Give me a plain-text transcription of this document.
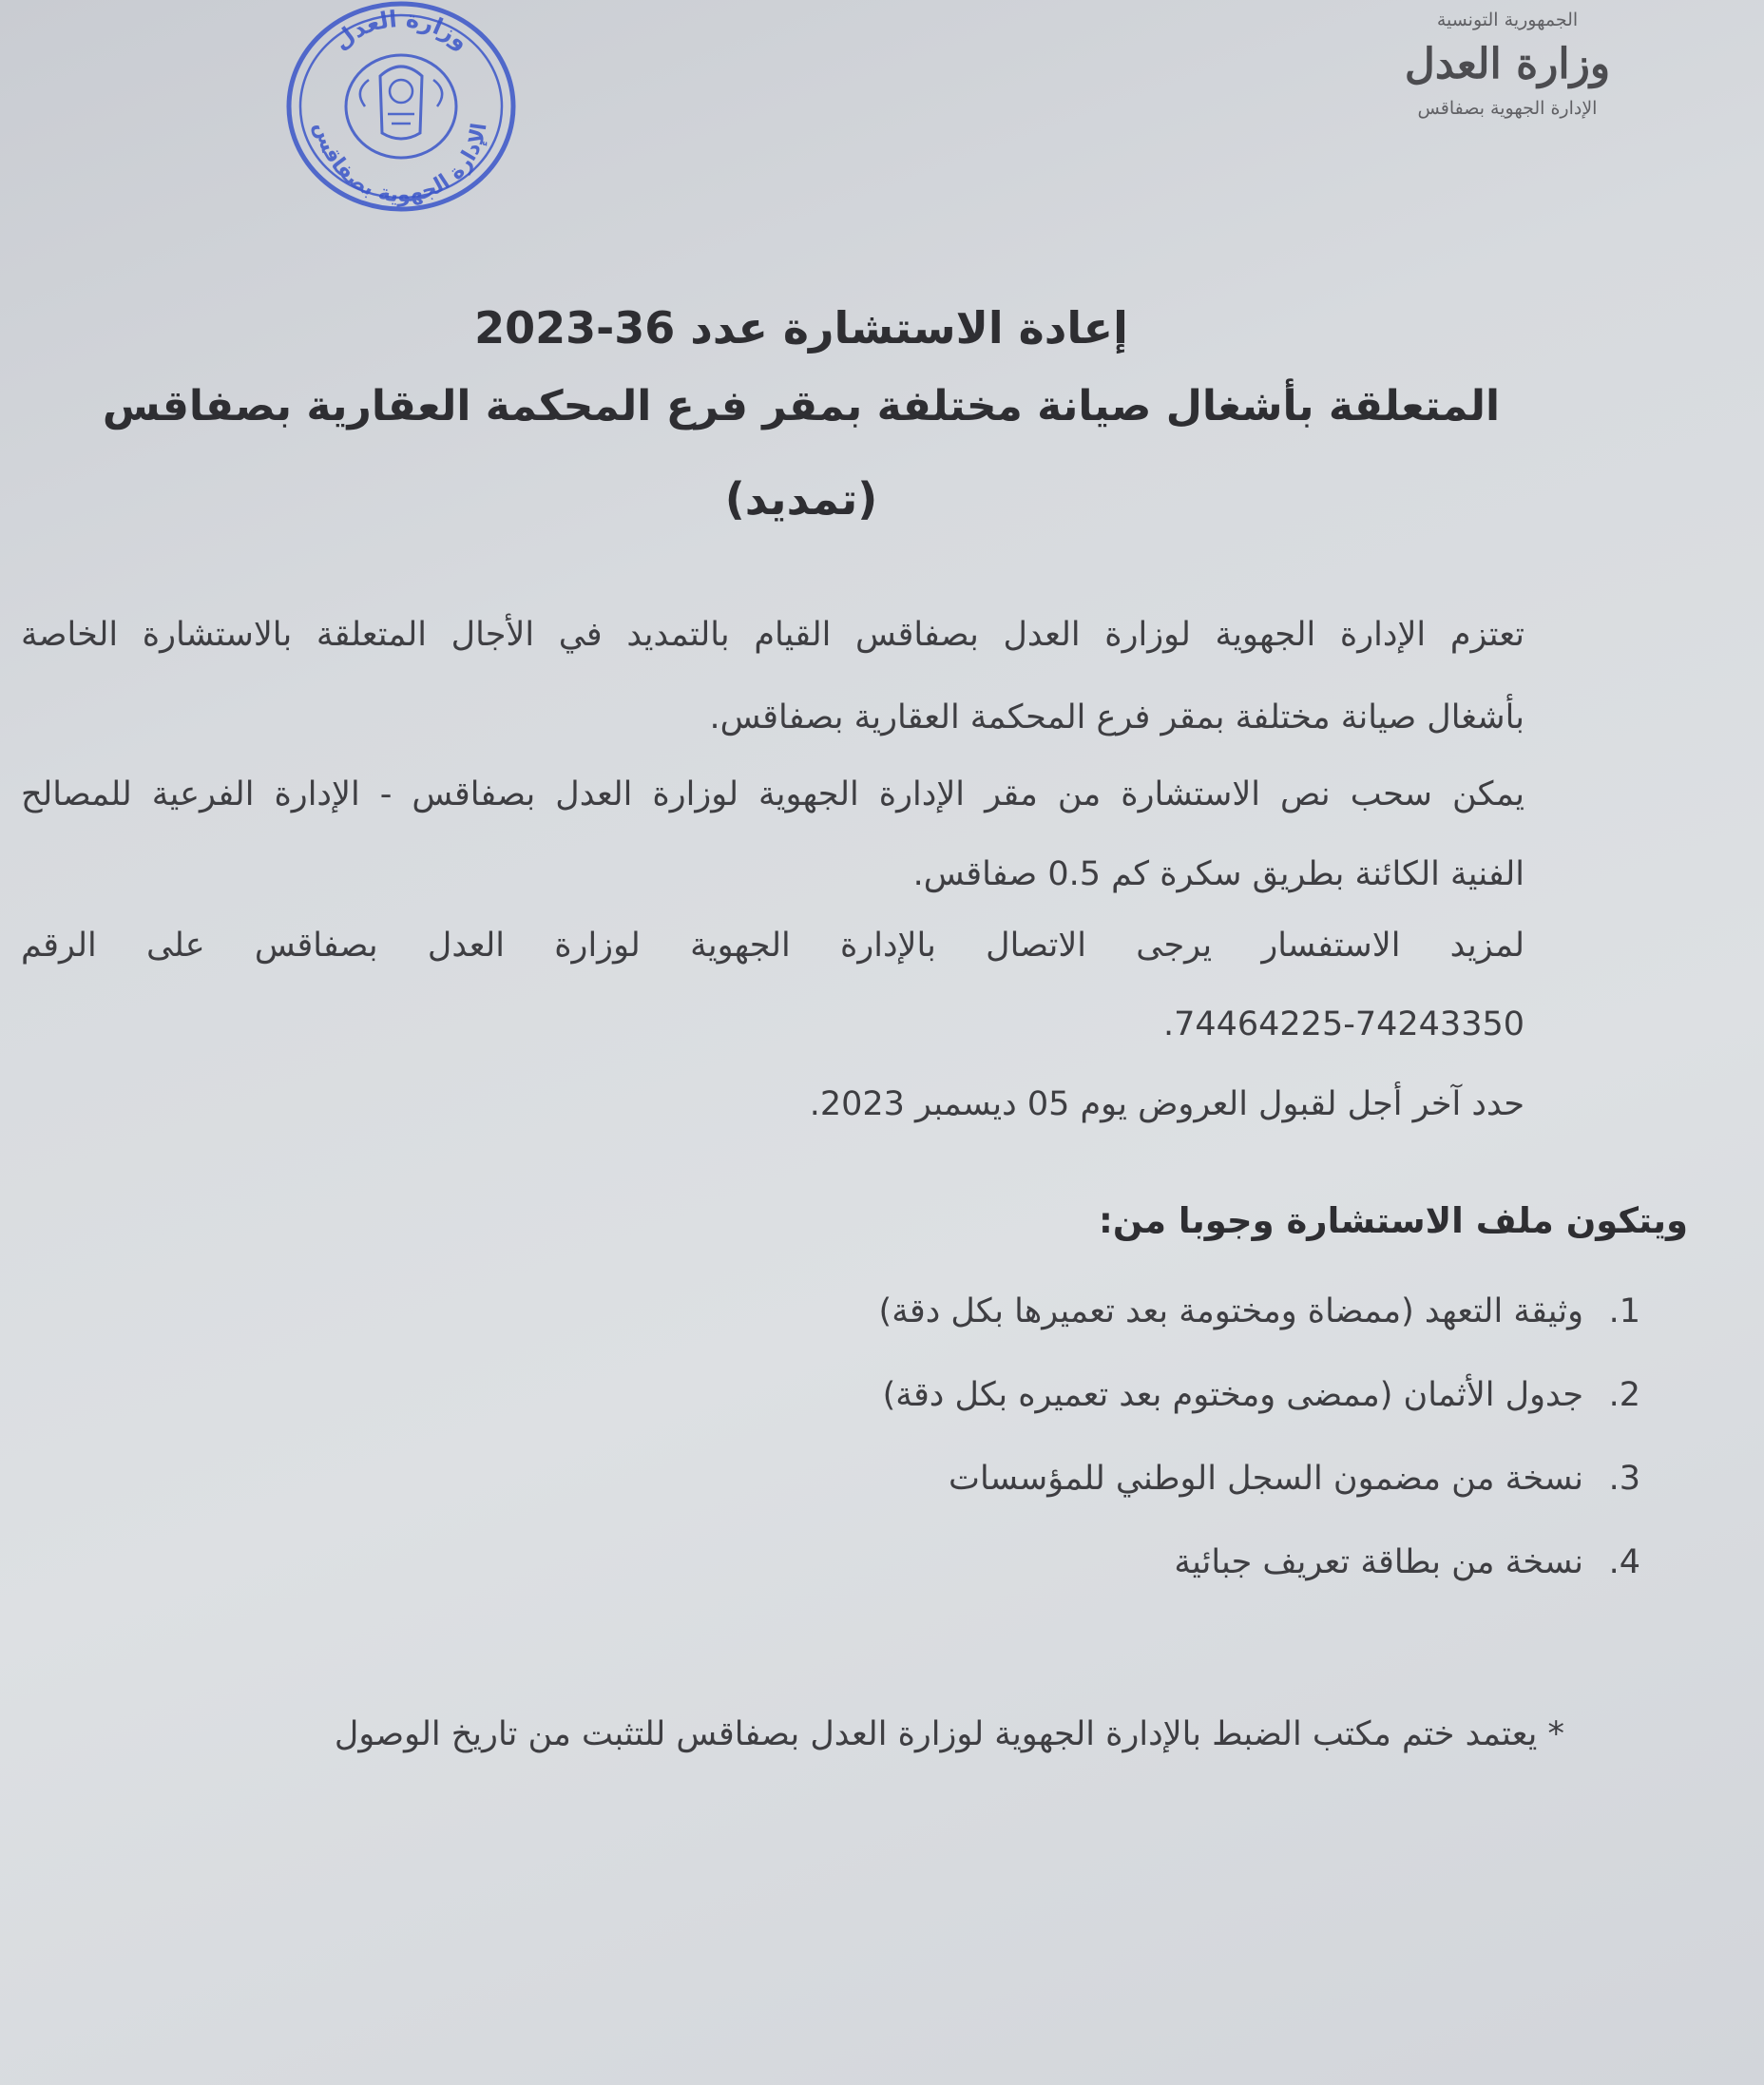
الجمهورية التونسية
وزارة العدل
الإدارة الجهوية بصفاقس
وزارة العدل
الإدارة الجهوية بصفاقس
إعادة الاستشارة عدد 36-2023
المتعلقة بأشغال صيانة مختلفة بمقر فرع المحكمة العقارية بصفاقس
(تمديد)
تعتزم الإدارة الجهوية لوزارة العدل بصفاقس القيام بالتمديد في الأجال المتعلقة بالاستشارة الخاصة
بأشغال صيانة مختلفة بمقر فرع المحكمة العقارية بصفاقس.
يمكن سحب نص الاستشارة من مقر الإدارة الجهوية لوزارة العدل بصفاقس - الإدارة الفرعية للمصالح
الفنية الكائنة بطريق سكرة كم 0.5 صفاقس.
لمزيد الاستفسار يرجى الاتصال بالإدارة الجهوية لوزارة العدل بصفاقس على الرقم
74464225-74243350.
حدد آخر أجل لقبول العروض يوم 05 ديسمبر 2023.
ويتكون ملف الاستشارة وجوبا من:
1.
وثيقة التعهد (ممضاة ومختومة بعد تعميرها بكل دقة)
2.
جدول الأثمان (ممضى ومختوم بعد تعميره بكل دقة)
3.
نسخة من مضمون السجل الوطني للمؤسسات
4.
نسخة من بطاقة تعريف جبائية
* يعتمد ختم مكتب الضبط بالإدارة الجهوية لوزارة العدل بصفاقس للتثبت من تاريخ الوصول
